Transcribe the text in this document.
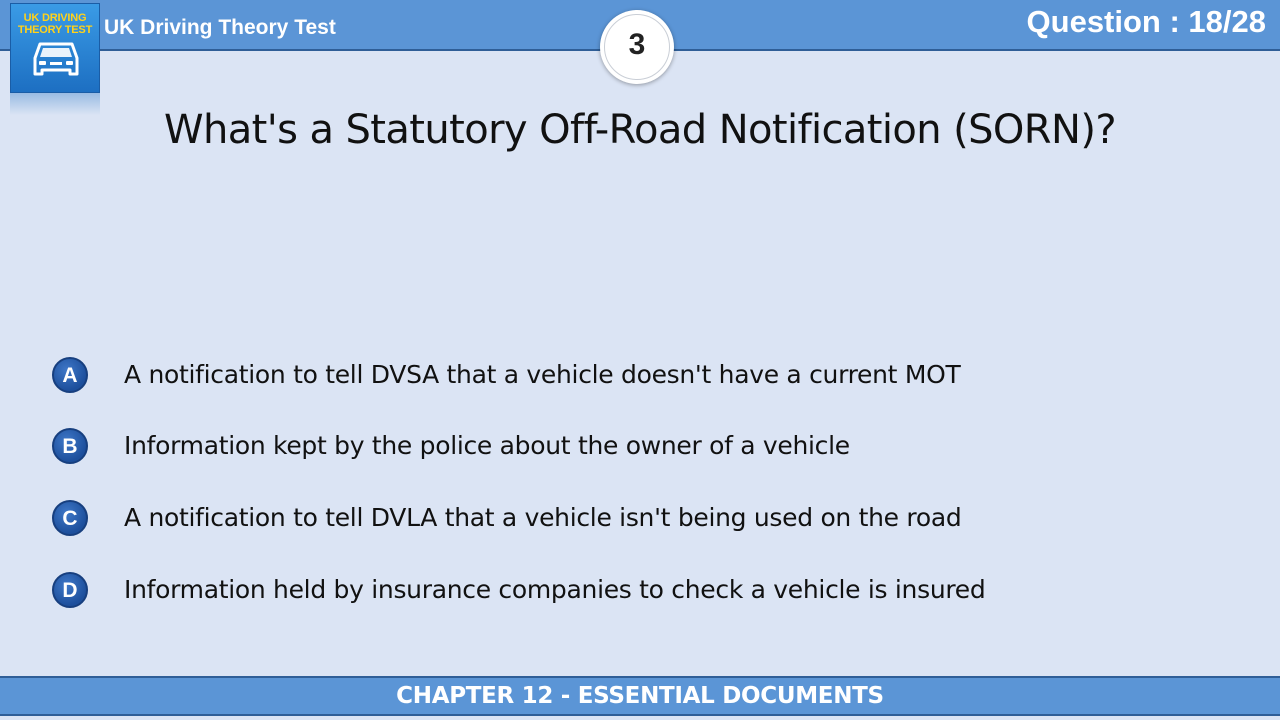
UK Driving Theory Test	Question : 18/28
UK DRIVING
THEORY TEST	3
What's a Statutory Off-Road Notification (SORN)?
A	A notification to tell DVSA that a vehicle doesn't have a current MOT
B	Information kept by the police about the owner of a vehicle
C	A notification to tell DVLA that a vehicle isn't being used on the road
D	Information held by insurance companies to check a vehicle is insured
CHAPTER 12 - ESSENTIAL DOCUMENTS
